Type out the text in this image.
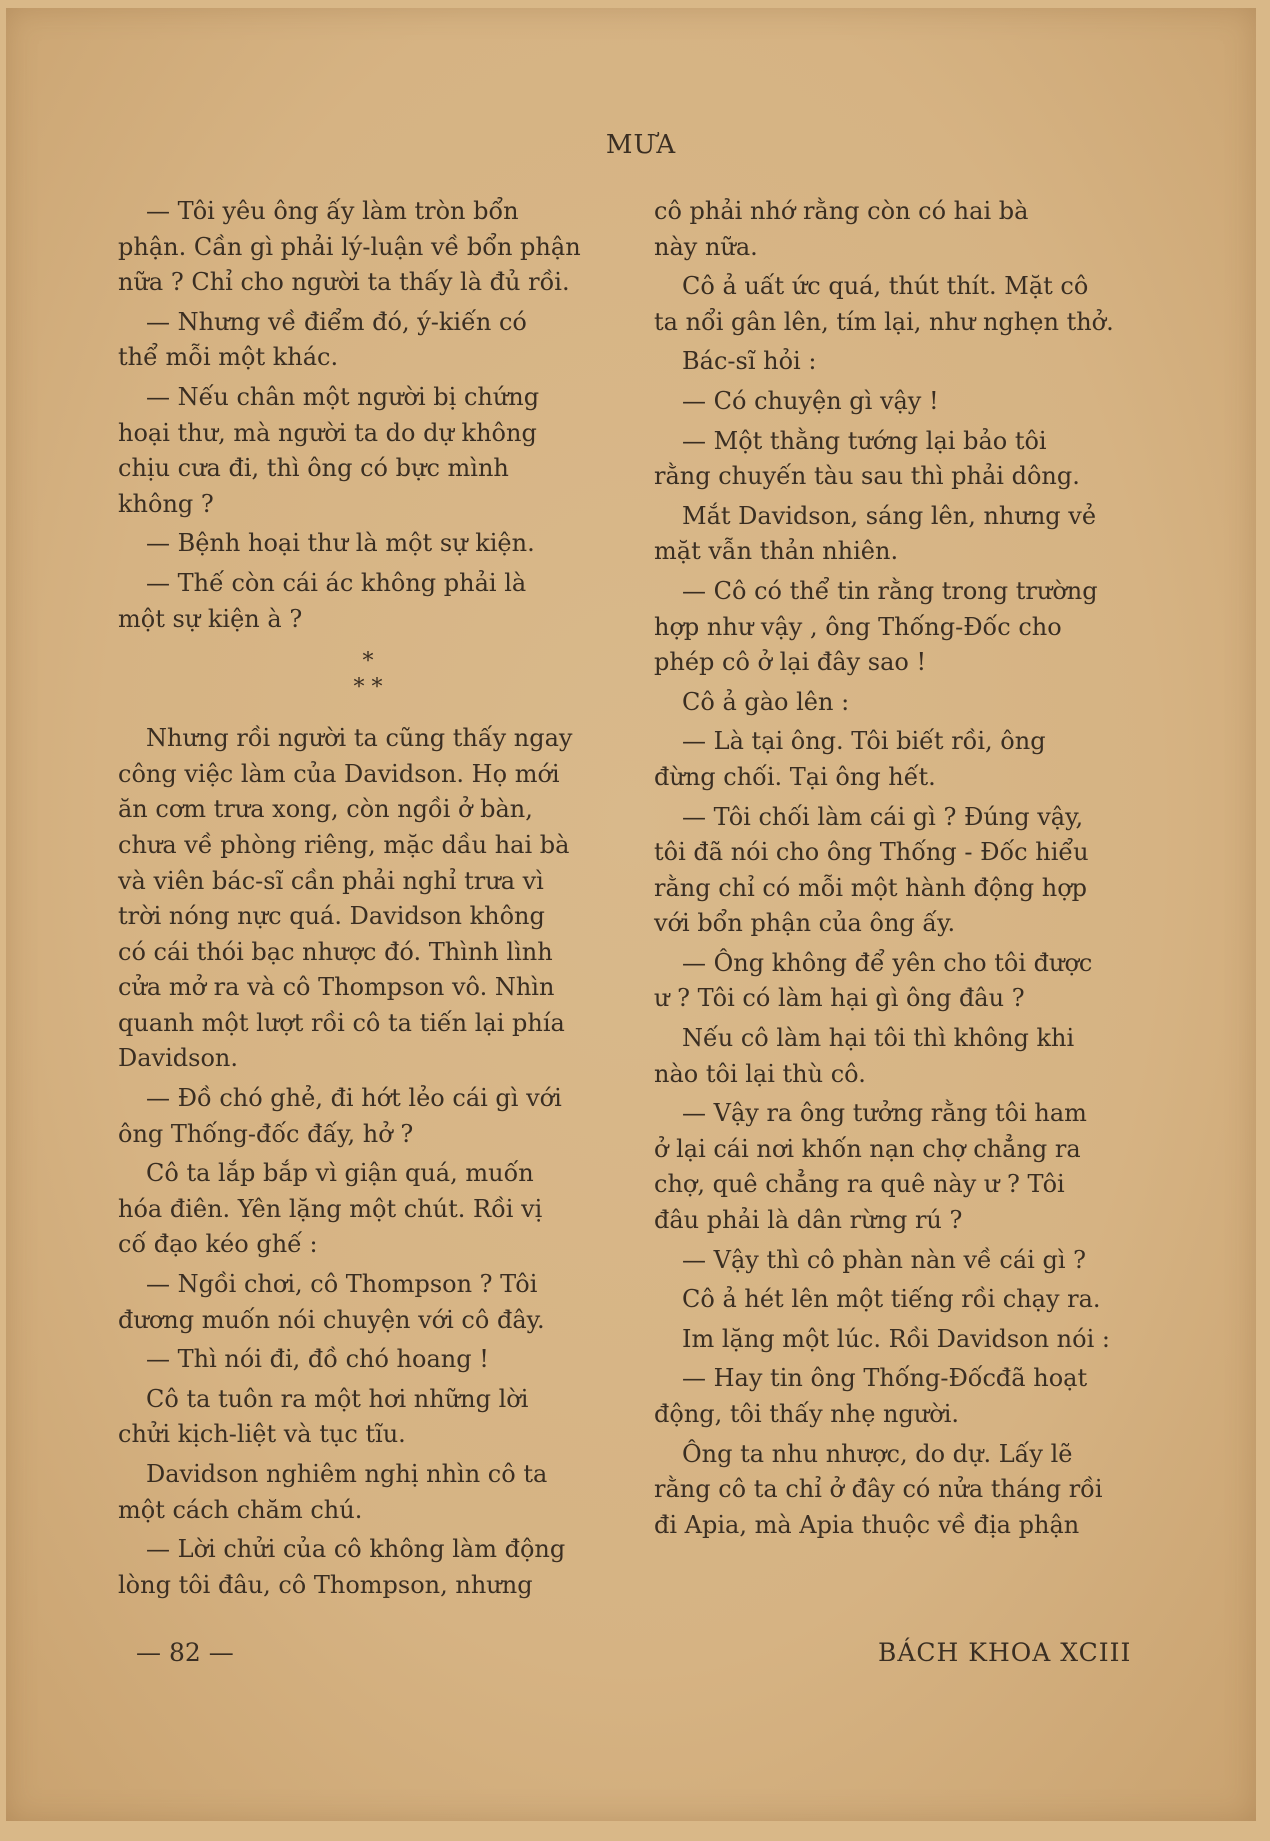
MƯA

— Tôi yêu ông ấy làm tròn bổn
phận. Cần gì phải lý-luận về bổn phận
nữa ? Chỉ cho người ta thấy là đủ rồi.

— Nhưng về điểm đó, ý-kiến có
thể mỗi một khác.

— Nếu chân một người bị chứng
hoại thư, mà người ta do dự không
chịu cưa đi, thì ông có bực mình
không ?

— Bệnh hoại thư là một sự kiện.

— Thế còn cái ác không phải là
một sự kiện à ?

*
* *

Nhưng rồi người ta cũng thấy ngay
công việc làm của Davidson. Họ mới
ăn cơm trưa xong, còn ngồi ở bàn,
chưa về phòng riêng, mặc dầu hai bà
và viên bác-sĩ cần phải nghỉ trưa vì
trời nóng nực quá. Davidson không
có cái thói bạc nhược đó. Thình lình
cửa mở ra và cô Thompson vô. Nhìn
quanh một lượt rồi cô ta tiến lại phía
Davidson.

— Đồ chó ghẻ, đi hớt lẻo cái gì với
ông Thống-đốc đấy, hở ?

Cô ta lắp bắp vì giận quá, muốn
hóa điên. Yên lặng một chút. Rồi vị
cố đạo kéo ghế :

— Ngồi chơi, cô Thompson ? Tôi
đương muốn nói chuyện với cô đây.

— Thì nói đi, đồ chó hoang !

Cô ta tuôn ra một hơi những lời
chửi kịch-liệt và tục tĩu.

Davidson nghiêm nghị nhìn cô ta
một cách chăm chú.

— Lời chửi của cô không làm động
lòng tôi đâu, cô Thompson, nhưng

cô phải nhớ rằng còn có hai bà
này nữa.

Cô ả uất ức quá, thút thít. Mặt cô
ta nổi gân lên, tím lại, như nghẹn thở.

Bác-sĩ hỏi :

— Có chuyện gì vậy !

— Một thằng tướng lại bảo tôi
rằng chuyến tàu sau thì phải dông.

Mắt Davidson, sáng lên, nhưng vẻ
mặt vẫn thản nhiên.

— Cô có thể tin rằng trong trường
hợp như vậy , ông Thống-Đốc cho
phép cô ở lại đây sao !

Cô ả gào lên :

— Là tại ông. Tôi biết rồi, ông
đừng chối. Tại ông hết.

— Tôi chối làm cái gì ? Đúng vậy,
tôi đã nói cho ông Thống - Đốc hiểu
rằng chỉ có mỗi một hành động hợp
với bổn phận của ông ấy.

— Ông không để yên cho tôi được
ư ? Tôi có làm hại gì ông đâu ?

Nếu cô làm hại tôi thì không khi
nào tôi lại thù cô.

— Vậy ra ông tưởng rằng tôi ham
ở lại cái nơi khốn nạn chợ chẳng ra
chợ, quê chẳng ra quê này ư ? Tôi
đâu phải là dân rừng rú ?

— Vậy thì cô phàn nàn về cái gì ?

Cô ả hét lên một tiếng rồi chạy ra.

Im lặng một lúc. Rồi Davidson nói :

— Hay tin ông Thống-Đốcđã hoạt
động, tôi thấy nhẹ người.

Ông ta nhu nhược, do dự. Lấy lẽ
rằng cô ta chỉ ở đây có nửa tháng rồi
đi Apia, mà Apia thuộc về địa phận

— 82 —	BÁCH KHOA XCIII
